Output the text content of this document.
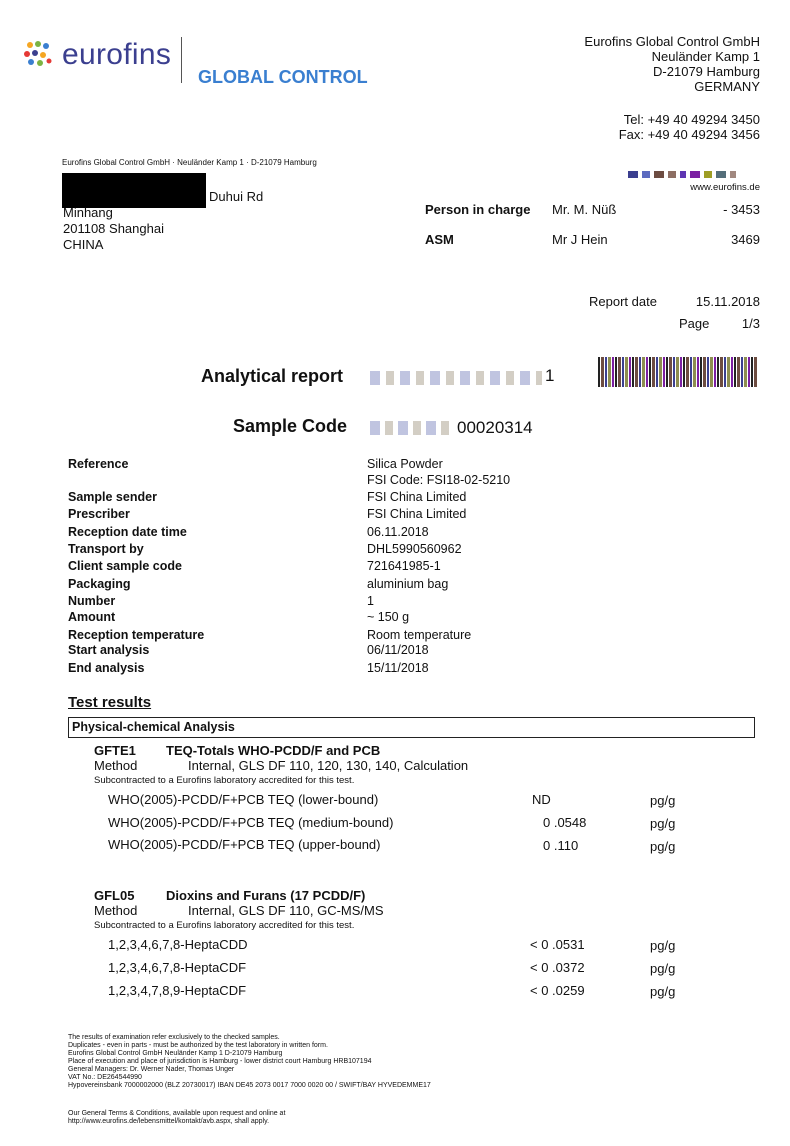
eurofins
GLOBAL CONTROL
Eurofins Global Control GmbH
Neuländer Kamp 1
D-21079 Hamburg
GERMANY
Tel: +49 40 49294 3450
Fax: +49 40 49294 3456
Eurofins Global Control GmbH · Neuländer Kamp 1 · D-21079 Hamburg
www.eurofins.de
Duhui Rd
Minhang
201108 Shanghai
CHINA
Person in charge Mr. M. Nüß	- 3453
ASM	Mr J Hein	3469
Report date	15.11.2018
Page	1/3
Analytical report	1
Sample Code	00020314
Reference	Silica Powder
FSI Code: FSI18-02-5210
Sample sender	FSI China Limited
Prescriber	FSI China Limited
Reception date time	06.11.2018
Transport by	DHL5990560962
Client sample code	721641985-1
Packaging	aluminium bag
Number	1
Amount	~ 150 g
Reception temperature	Room temperature
Start analysis	06/11/2018
End analysis	15/11/2018
Test results
Physical-chemical Analysis
GFTE1 TEQ-Totals WHO-PCDD/F and PCB
Method	Internal, GLS DF 110, 120, 130, 140, Calculation
Subcontracted to a Eurofins laboratory accredited for this test.
WHO(2005)-PCDD/F+PCB TEQ (lower-bound)	ND	pg/g
WHO(2005)-PCDD/F+PCB TEQ (medium-bound)	0 .0548	pg/g
WHO(2005)-PCDD/F+PCB TEQ (upper-bound)	0 .110	pg/g
GFL05 Dioxins and Furans (17 PCDD/F)
Method	Internal, GLS DF 110, GC-MS/MS
Subcontracted to a Eurofins laboratory accredited for this test.
1,2,3,4,6,7,8-HeptaCDD	< 0 .0531	pg/g
1,2,3,4,6,7,8-HeptaCDF	< 0 .0372	pg/g
1,2,3,4,7,8,9-HeptaCDF	< 0 .0259	pg/g
The results of examination refer exclusively to the checked samples.
Duplicates - even in parts - must be authorized by the test laboratory in written form.
Eurofins Global Control GmbH Neuländer Kamp 1 D-21079 Hamburg
Place of execution and place of jurisdiction is Hamburg - lower district court Hamburg HRB107194
General Managers: Dr. Werner Nader, Thomas Unger
VAT No.: DE264544990
Hypovereinsbank 7000002000 (BLZ 20730017) IBAN DE45 2073 0017 7000 0020 00 / SWIFT/BAY HYVEDEMME17
Our General Terms & Conditions, available upon request and online at
http://www.eurofins.de/lebensmittel/kontakt/avb.aspx, shall apply.
